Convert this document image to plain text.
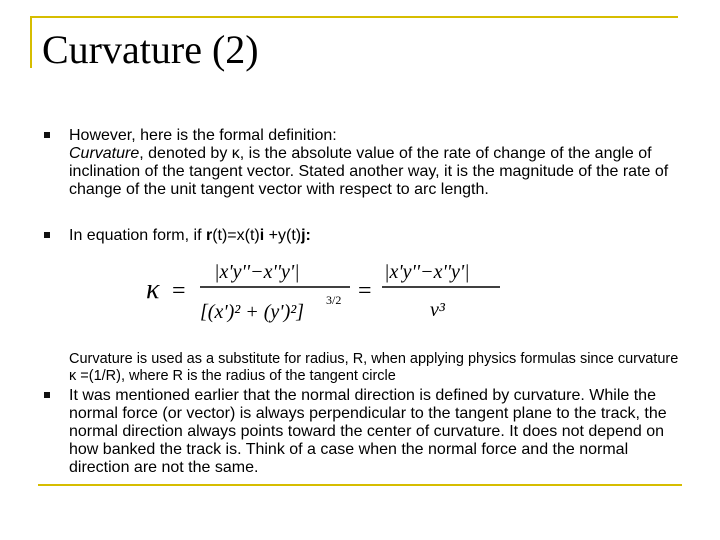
Curvature (2)
However, here is the formal definition:
Curvature, denoted by κ, is the absolute value of the rate of change of the angle of inclination of the tangent vector. Stated another way, it is the magnitude of the rate of change of the unit tangent vector with respect to arc length.
In equation form, if r(t)=x(t)i +y(t)j:
κ =
|x'y''−x''y'|
[(x')² + (y')²]
3/2 =
|x'y''−x''y'|
v³
Curvature is used as a substitute for radius, R, when applying physics formulas since curvature κ =(1/R), where R is the radius of the tangent circle
It was mentioned earlier that the normal direction is defined by curvature. While the normal force (or vector) is always perpendicular to the tangent plane to the track, the normal direction always points toward the center of curvature. It does not depend on how banked the track is. Think of a case when the normal force and the normal direction are not the same.
